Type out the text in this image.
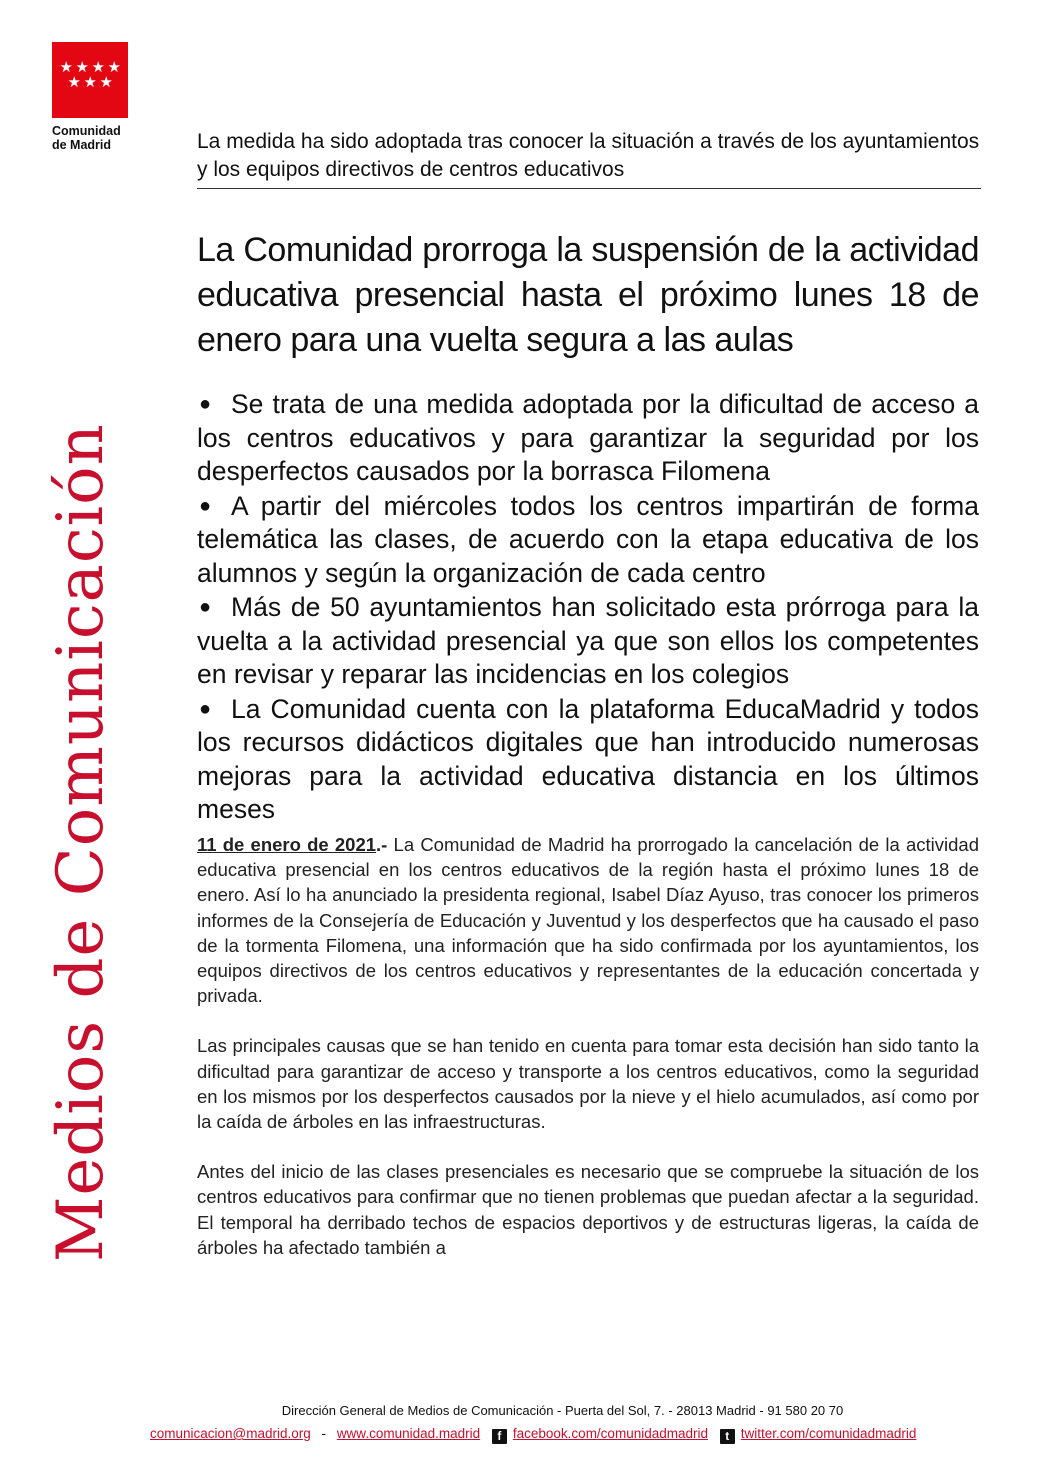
★ ★ ★ ★
★ ★ ★
Comunidad
de Madrid
Medios de Comunicación
La medida ha sido adoptada tras conocer la situación a través de los ayuntamientos y los equipos directivos de centros educativos
La Comunidad prorroga la suspensión de la actividad educativa presencial hasta el próximo lunes 18 de enero para una vuelta segura a las aulas
● Se trata de una medida adoptada por la dificultad de acceso a los centros educativos y para garantizar la seguridad por los desperfectos causados por la borrasca Filomena
● A partir del miércoles todos los centros impartirán de forma telemática las clases, de acuerdo con la etapa educativa de los alumnos y según la organización de cada centro
● Más de 50 ayuntamientos han solicitado esta prórroga para la vuelta a la actividad presencial ya que son ellos los competentes en revisar y reparar las incidencias en los colegios
● La Comunidad cuenta con la plataforma EducaMadrid y todos los recursos didácticos digitales que han introducido numerosas mejoras para la actividad educativa distancia en los últimos meses

11 de enero de 2021.- La Comunidad de Madrid ha prorrogado la cancelación de la actividad educativa presencial en los centros educativos de la región hasta el próximo lunes 18 de enero. Así lo ha anunciado la presidenta regional, Isabel Díaz Ayuso, tras conocer los primeros informes de la Consejería de Educación y Juventud y los desperfectos que ha causado el paso de la tormenta Filomena, una información que ha sido confirmada por los ayuntamientos, los equipos directivos de los centros educativos y representantes de la educación concertada y privada.

Las principales causas que se han tenido en cuenta para tomar esta decisión han sido tanto la dificultad para garantizar de acceso y transporte a los centros educativos, como la seguridad en los mismos por los desperfectos causados por la nieve y el hielo acumulados, así como por la caída de árboles en las infraestructuras.

Antes del inicio de las clases presenciales es necesario que se compruebe la situación de los centros educativos para confirmar que no tienen problemas que puedan afectar a la seguridad. El temporal ha derribado techos de espacios deportivos y de estructuras ligeras, la caída de árboles ha afectado también a

Dirección General de Medios de Comunicación - Puerta del Sol, 7. - 28013 Madrid - 91 580 20 70
comunicacion@madrid.org - www.comunidad.madrid f facebook.com/comunidadmadrid t twitter.com/comunidadmadrid
